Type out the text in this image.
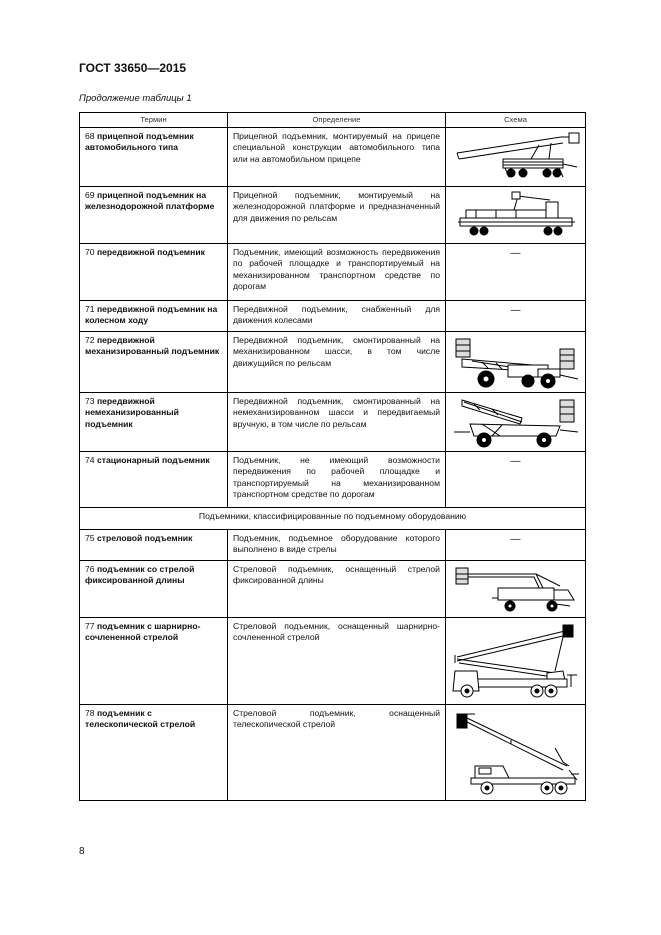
ГОСТ 33650—2015
Продолжение таблицы 1
Термин	Определение	Схема
68 прицепной подъемник автомобильного типа	Прицепной подъемник, монтируемый на прицепе специальной конструкции автомобильного типа или на автомобильном прицепе	

69 прицепной подъемник на железнодорожной платформе	Прицепной подъемник, монтируемый на железнодорожной платформе и предназначенный для движения по рельсам	

70 передвижной подъемник	Подъемник, имеющий возможность передвижения по рабочей площадке и транспортируемый на механизированном транспортном средстве по дорогам	—
71 передвижной подъемник на колесном ходу	Передвижной подъемник, снабженный для движения колесами	—
72 передвижной механизированный подъемник	Передвижной подъемник, смонтированный на механизированном шасси, в том числе движущийся по рельсам	

73 передвижной немеханизированный подъемник	Передвижной подъемник, смонтированный на немеханизированном шасси и передвигаемый вручную, в том числе по рельсам	

74 стационарный подъемник	Подъемник, не имеющий возможности передвижения по рабочей площадке и транспортируемый на механизированном транспортном средстве по дорогам	—
Подъемники, классифицированные по подъемному оборудованию		
75 стреловой подъемник	Подъемник, подъемное оборудование которого выполнено в виде стрелы	—
76 подъемник со стрелой фиксированной длины	Стреловой подъемник, оснащенный стрелой фиксированной длины	

77 подъемник с шарнирно-сочлененной стрелой	Стреловой подъемник, оснащенный шарнирно-сочлененной стрелой	

78 подъемник с телескопической стрелой	Стреловой подъемник, оснащенный телескопической стрелой	
8
